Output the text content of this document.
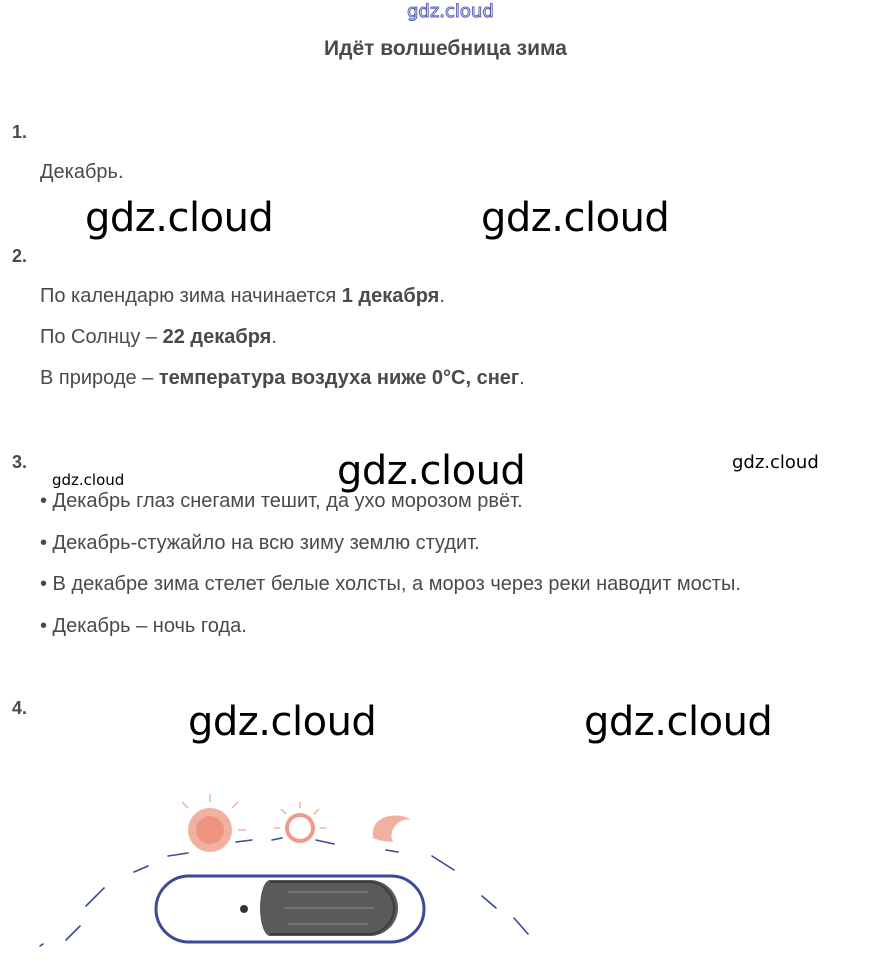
gdz.cloud
Идёт волшебница зима
1.
Декабрь.
gdz.cloud	gdz.cloud
2.
По календарю зима начинается 1 декабря.
По Солнцу – 22 декабря.
В природе – температура воздуха ниже 0°С, снег.
3.
gdz.cloud	gdz.cloud	gdz.cloud
• Декабрь глаз снегами тешит, да ухо морозом рвёт.
• Декабрь-стужайло на всю зиму землю студит.
• В декабре зима стелет белые холсты, а мороз через реки наводит мосты.
• Декабрь – ночь года.
4.	gdz.cloud	gdz.cloud
